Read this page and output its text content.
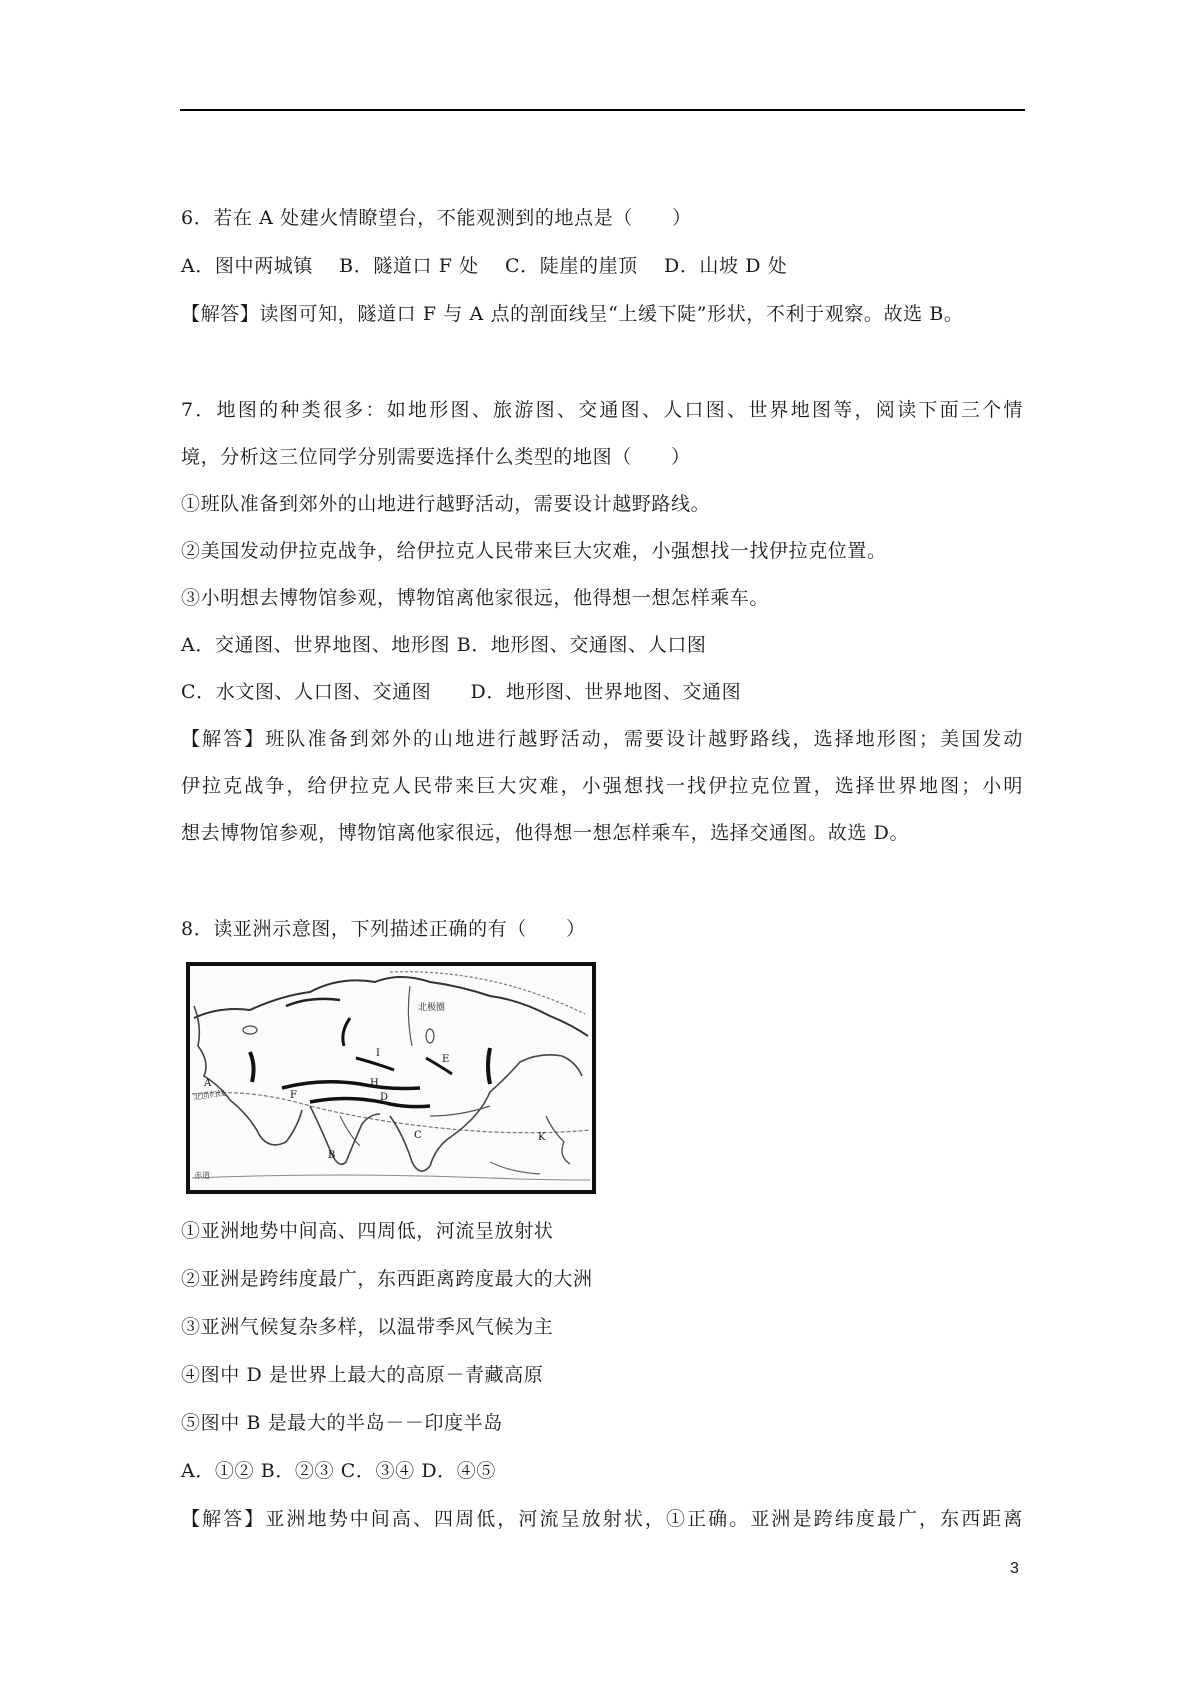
6．若在 A 处建火情瞭望台，不能观测到的地点是（　　）
A．图中两城镇　 B．隧道口 F 处　 C．陡崖的崖顶　 D．山坡 D 处
【解答】读图可知，隧道口 F 与 A 点的剖面线呈“上缓下陡”形状，不利于观察。故选 B。
7．地图的种类很多：如地形图、旅游图、交通图、人口图、世界地图等，阅读下面三个情
境，分析这三位同学分别需要选择什么类型的地图（　　）
①班队准备到郊外的山地进行越野活动，需要设计越野路线。
②美国发动伊拉克战争，给伊拉克人民带来巨大灾难，小强想找一找伊拉克位置。
③小明想去博物馆参观，博物馆离他家很远，他得想一想怎样乘车。
A．交通图、世界地图、地形图 B．地形图、交通图、人口图
C．水文图、人口图、交通图　　D．地形图、世界地图、交通图
【解答】班队准备到郊外的山地进行越野活动，需要设计越野路线，选择地形图；美国发动
伊拉克战争，给伊拉克人民带来巨大灾难，小强想找一找伊拉克位置，选择世界地图；小明
想去博物馆参观，博物馆离他家很远，他得想一想怎样乘车，选择交通图。故选 D。
8．读亚洲示意图，下列描述正确的有（　　）
北极圈
北回归线
赤道
A
B
C
D
E
F
H
I
K
①亚洲地势中间高、四周低，河流呈放射状
②亚洲是跨纬度最广，东西距离跨度最大的大洲
③亚洲气候复杂多样，以温带季风气候为主
④图中 D 是世界上最大的高原－青藏高原
⑤图中 B 是最大的半岛－－印度半岛
A．①② B．②③ C．③④ D．④⑤
【解答】亚洲地势中间高、四周低，河流呈放射状，①正确。亚洲是跨纬度最广，东西距离
3
